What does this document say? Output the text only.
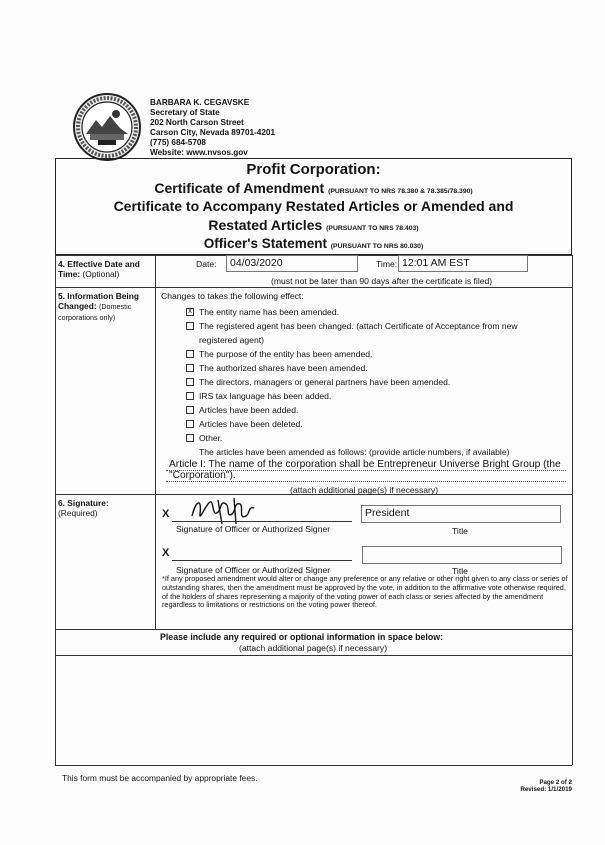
BARBARA K. CEGAVSKE
Secretary of State
202 North Carson Street
Carson City, Nevada 89701-4201
(775) 684-5708
Website: www.nvsos.gov
Profit Corporation:
Certificate of Amendment (PURSUANT TO NRS 78.380 & 78.385/78.390)
Certificate to Accompany Restated Articles or Amended and
Restated Articles (PURSUANT TO NRS 78.403)
Officer's Statement (PURSUANT TO NRS 80.030)
4. Effective Date and Time: (Optional)
Date:	04/03/2020	Time: 12:01 AM EST
(must not be later than 90 days after the certificate is filed)
5. Information Being Changed: (Domestic corporations only)
Changes to takes the following effect:
xThe entity name has been amended.
The registered agent has been changed. (attach Certificate of Acceptance from new
registered agent)
The purpose of the entity has been amended.
The authorized shares have been amended.
The directors, managers or general partners have been amended.
IRS tax language has been added.
Articles have been added.
Articles have been deleted.
Other.
The articles have been amended as follows: (provide article numbers, if available)
Article I: The name of the corporation shall be Entrepreneur Universe Bright Group (the "Corporation").
(attach additional page(s) if necessary)
6. Signature:
(Required)	X
Signature of Officer or Authorized Signer
President
Title
X
Signature of Officer or Authorized Signer	Title
*If any proposed amendment would alter or change any preference or any relative or other right given to any class or series of outstanding shares, then the amendment must be approved by the vote, in addition to the affirmative vote otherwise required, of the holders of shares representing a majority of the voting power of each class or series affected by the amendment regardless to limitations or restrictions on the voting power thereof.
Please include any required or optional information in space below:
(attach additional page(s) if necessary)
This form must be accompanied by appropriate fees.	Page 2 of 2
Revised: 1/1/2019
